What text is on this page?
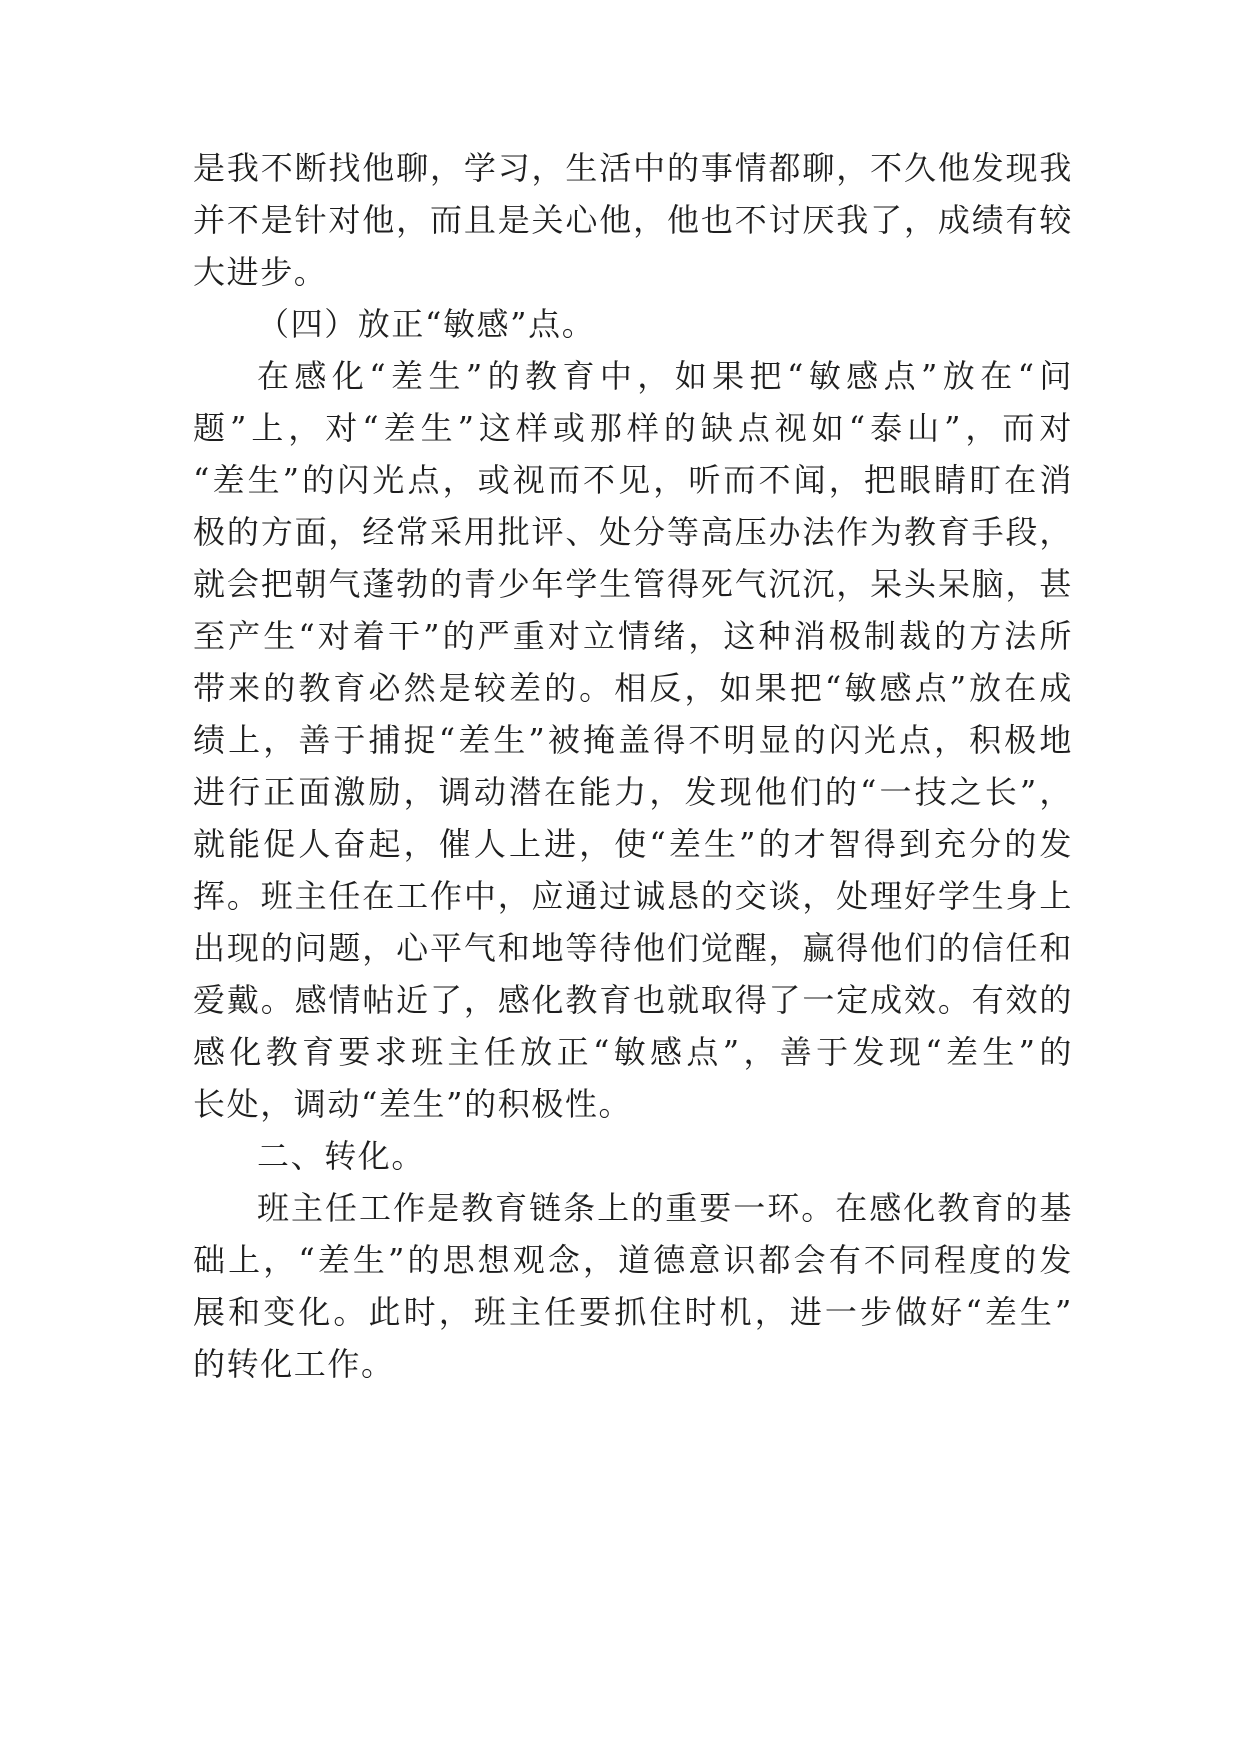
是我不断找他聊，学习，生活中的事情都聊，不久他发现我
并不是针对他，而且是关心他，他也不讨厌我了，成绩有较
大进步。
（四）放正“敏感”点。
在感化“差生”的教育中，如果把“敏感点”放在“问
题”上，对“差生”这样或那样的缺点视如“泰山”，而对
“差生”的闪光点，或视而不见，听而不闻，把眼睛盯在消
极的方面，经常采用批评、处分等高压办法作为教育手段，
就会把朝气蓬勃的青少年学生管得死气沉沉，呆头呆脑，甚
至产生“对着干”的严重对立情绪，这种消极制裁的方法所
带来的教育必然是较差的。相反，如果把“敏感点”放在成
绩上，善于捕捉“差生”被掩盖得不明显的闪光点，积极地
进行正面激励，调动潜在能力，发现他们的“一技之长”，
就能促人奋起，催人上进，使“差生”的才智得到充分的发
挥。班主任在工作中，应通过诚恳的交谈，处理好学生身上
出现的问题，心平气和地等待他们觉醒，赢得他们的信任和
爱戴。感情帖近了，感化教育也就取得了一定成效。有效的
感化教育要求班主任放正“敏感点”，善于发现“差生”的
长处，调动“差生”的积极性。
二、转化。
班主任工作是教育链条上的重要一环。在感化教育的基
础上，“差生”的思想观念，道德意识都会有不同程度的发
展和变化。此时，班主任要抓住时机，进一步做好“差生”
的转化工作。
